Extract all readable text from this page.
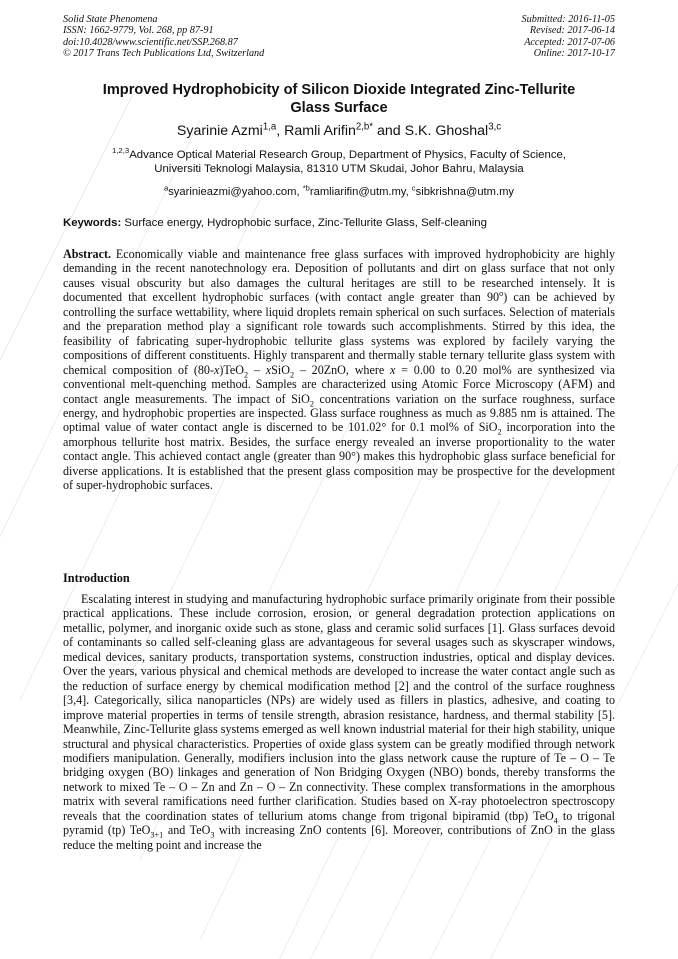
Solid State Phenomena
ISSN: 1662-9779, Vol. 268, pp 87-91
doi:10.4028/www.scientific.net/SSP.268.87
© 2017 Trans Tech Publications Ltd, Switzerland
Submitted: 2016-11-05
Revised: 2017-06-14
Accepted: 2017-07-06
Online: 2017-10-17
Improved Hydrophobicity of Silicon Dioxide Integrated Zinc-Tellurite
Glass Surface
Syarinie Azmi$^{1,a}$, Ramli Arifin$^{2,b*}$ and S.K. Ghoshal$^{3,c}$
$^{1,2,3}$Advance Optical Material Research Group, Department of Physics, Faculty of Science,
Universiti Teknologi Malaysia, 81310 UTM Skudai, Johor Bahru, Malaysia
$^a$syarinieazmi@yahoo.com, $^{*b}$ramliarifin@utm.my, $^c$sibkrishna@utm.my
Keywords: Surface energy, Hydrophobic surface, Zinc-Tellurite Glass, Self-cleaning
Abstract. Economically viable and maintenance free glass surfaces with improved hydrophobicity are highly demanding in the recent nanotechnology era. Deposition of pollutants and dirt on glass surface that not only causes visual obscurity but also damages the cultural heritages are still to be researched intensely. It is documented that excellent hydrophobic surfaces (with contact angle greater than 90$^o$) can be achieved by controlling the surface wettability, where liquid droplets remain spherical on such surfaces. Selection of materials and the preparation method play a significant role towards such accomplishments. Stirred by this idea, the feasibility of fabricating super-hydrophobic tellurite glass systems was explored by facilely varying the compositions of different constituents. Highly transparent and thermally stable ternary tellurite glass system with chemical composition of (80-x)TeO$_2$ – xSiO$_2$ – 20ZnO, where x = 0.00 to 0.20 mol% are synthesized via conventional melt-quenching method. Samples are characterized using Atomic Force Microscopy (AFM) and contact angle measurements. The impact of SiO$_2$ concentrations variation on the surface roughness, surface energy, and hydrophobic properties are inspected. Glass surface roughness as much as 9.885 nm is attained. The optimal value of water contact angle is discerned to be 101.02° for 0.1 mol% of SiO$_2$ incorporation into the amorphous tellurite host matrix. Besides, the surface energy revealed an inverse proportionality to the water contact angle. This achieved contact angle (greater than 90°) makes this hydrophobic glass surface beneficial for diverse applications. It is established that the present glass composition may be prospective for the development of super-hydrophobic surfaces.
Introduction
Escalating interest in studying and manufacturing hydrophobic surface primarily originate from their possible practical applications. These include corrosion, erosion, or general degradation protection applications on metallic, polymer, and inorganic oxide such as stone, glass and ceramic solid surfaces [1]. Glass surfaces devoid of contaminants so called self-cleaning glass are advantageous for several usages such as skyscraper windows, medical devices, sanitary products, transportation systems, construction industries, optical and display devices. Over the years, various physical and chemical methods are developed to increase the water contact angle such as the reduction of surface energy by chemical modification method [2] and the control of the surface roughness [3,4]. Categorically, silica nanoparticles (NPs) are widely used as fillers in plastics, adhesive, and coating to improve material properties in terms of tensile strength, abrasion resistance, hardness, and thermal stability [5]. Meanwhile, Zinc-Tellurite glass systems emerged as well known industrial material for their high stability, unique structural and physical characteristics. Properties of oxide glass system can be greatly modified through network modifiers manipulation. Generally, modifiers inclusion into the glass network cause the rupture of Te – O – Te bridging oxygen (BO) linkages and generation of Non Bridging Oxygen (NBO) bonds, thereby transforms the network to mixed Te – O – Zn and Zn – O – Zn connectivity. These complex transformations in the amorphous matrix with several ramifications need further clarification. Studies based on X-ray photoelectron spectroscopy reveals that the coordination states of tellurium atoms change from trigonal bipiramid (tbp) TeO$_4$ to trigonal pyramid (tp) TeO$_{3+1}$ and TeO$_3$ with increasing ZnO contents [6]. Moreover, contributions of ZnO in the glass reduce the melting point and increase the
